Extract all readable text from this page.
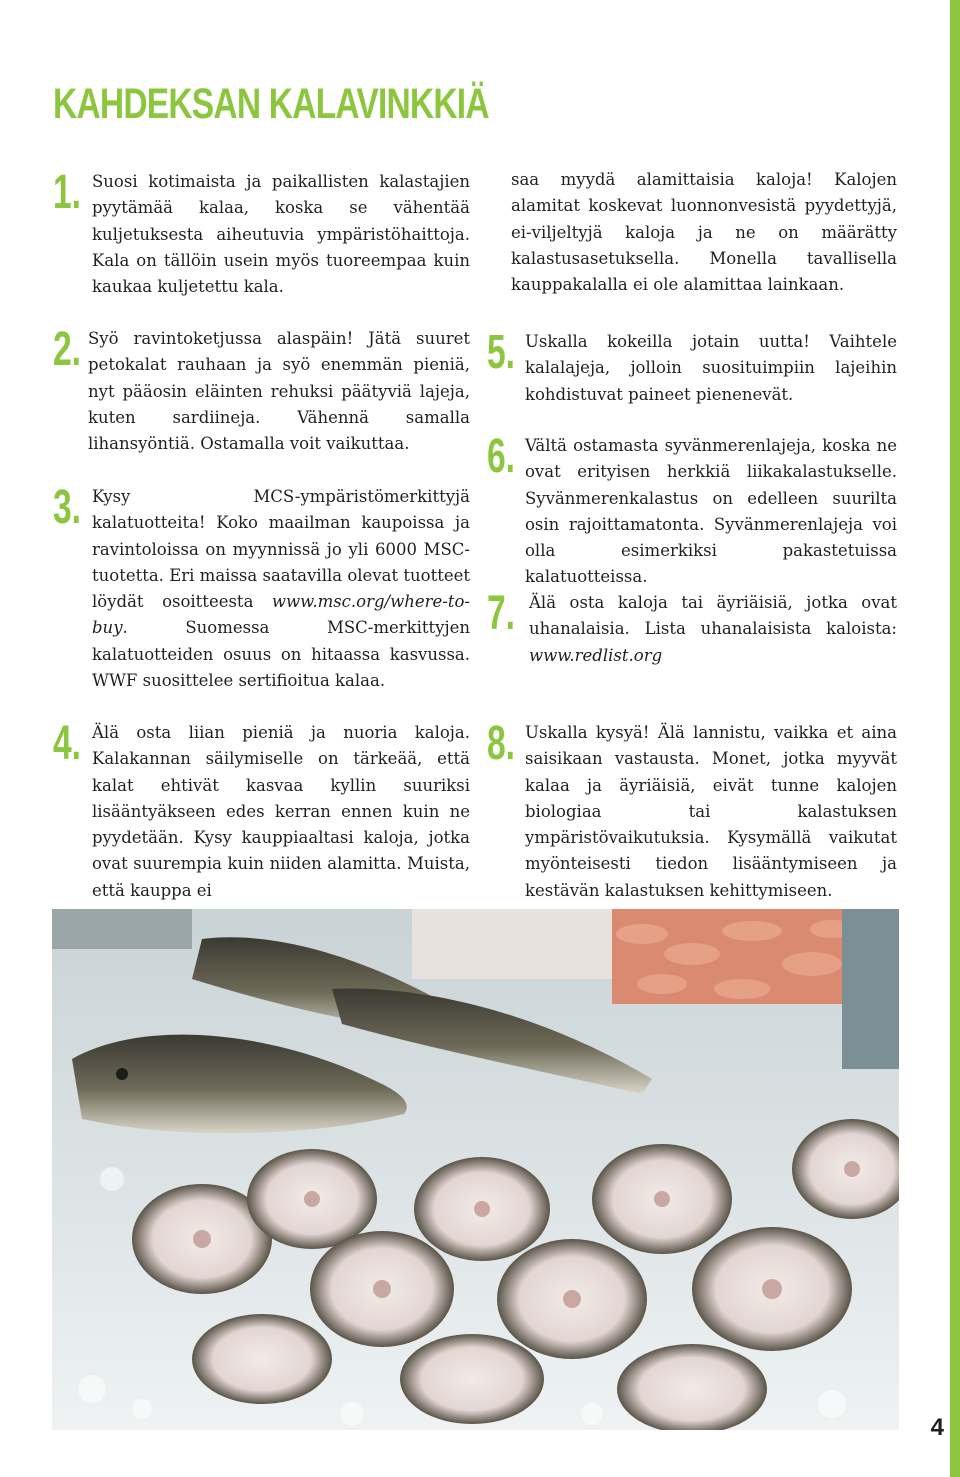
KAHDEKSAN KALAVINKKIÄ
1. Suosi kotimaista ja paikallisten kalastajien pyytämää kalaa, koska se vähentää kuljetuksesta aiheutuvia ympäristöhaittoja. Kala on tällöin usein myös tuoreempaa kuin kaukaa kuljetettu kala.

2. Syö ravintoketjussa alaspäin! Jätä suuret petokalat rauhaan ja syö enemmän pieniä, nyt pääosin eläinten rehuksi päätyviä lajeja, kuten sardiineja. Vähennä samalla lihansyöntiä. Ostamalla voit vaikuttaa.

3. Kysy MCS-ympäristömerkittyjä kalatuotteita! Koko maailman kaupoissa ja ravintoloissa on myynnissä jo yli 6000 MSC-tuotetta. Eri maissa saatavilla olevat tuotteet löydät osoitteesta www.msc.org/where-to-buy. Suomessa MSC-merkittyjen kalatuotteiden osuus on hitaassa kasvussa. WWF suosittelee sertifioitua kalaa.

4. Älä osta liian pieniä ja nuoria kaloja. Kalakannan säilymiselle on tärkeää, että kalat ehtivät kasvaa kyllin suuriksi lisääntyäkseen edes kerran ennen kuin ne pyydetään. Kysy kauppiaaltasi kaloja, jotka ovat suurempia kuin niiden alamitta. Muista, että kauppa ei

saa myydä alamittaisia kaloja! Kalojen alamitat koskevat luonnonvesistä pyydettyjä, ei-viljeltyjä kaloja ja ne on määrätty kalastusasetuksella. Monella tavallisella kauppakalalla ei ole alamittaa lainkaan.

5. Uskalla kokeilla jotain uutta! Vaihtele kalalajeja, jolloin suosituimpiin lajeihin kohdistuvat paineet pienenevät.

6. Vältä ostamasta syvänmerenlajeja, koska ne ovat erityisen herkkiä liikakalastukselle. Syvänmerenkalastus on edelleen suurilta osin rajoittamatonta. Syvänmerenlajeja voi olla esimerkiksi pakastetuissa kalatuotteissa.

7. Älä osta kaloja tai äyriäisiä, jotka ovat uhanalaisia. Lista uhanalaisista kaloista: www.redlist.org

8. Uskalla kysyä! Älä lannistu, vaikka et aina saisikaan vastausta. Monet, jotka myyvät kalaa ja äyriäisiä, eivät tunne kalojen biologiaa tai kalastuksen ympäristövaikutuksia. Kysymällä vaikutat myönteisesti tiedon lisääntymiseen ja kestävän kalastuksen kehittymiseen.

4
